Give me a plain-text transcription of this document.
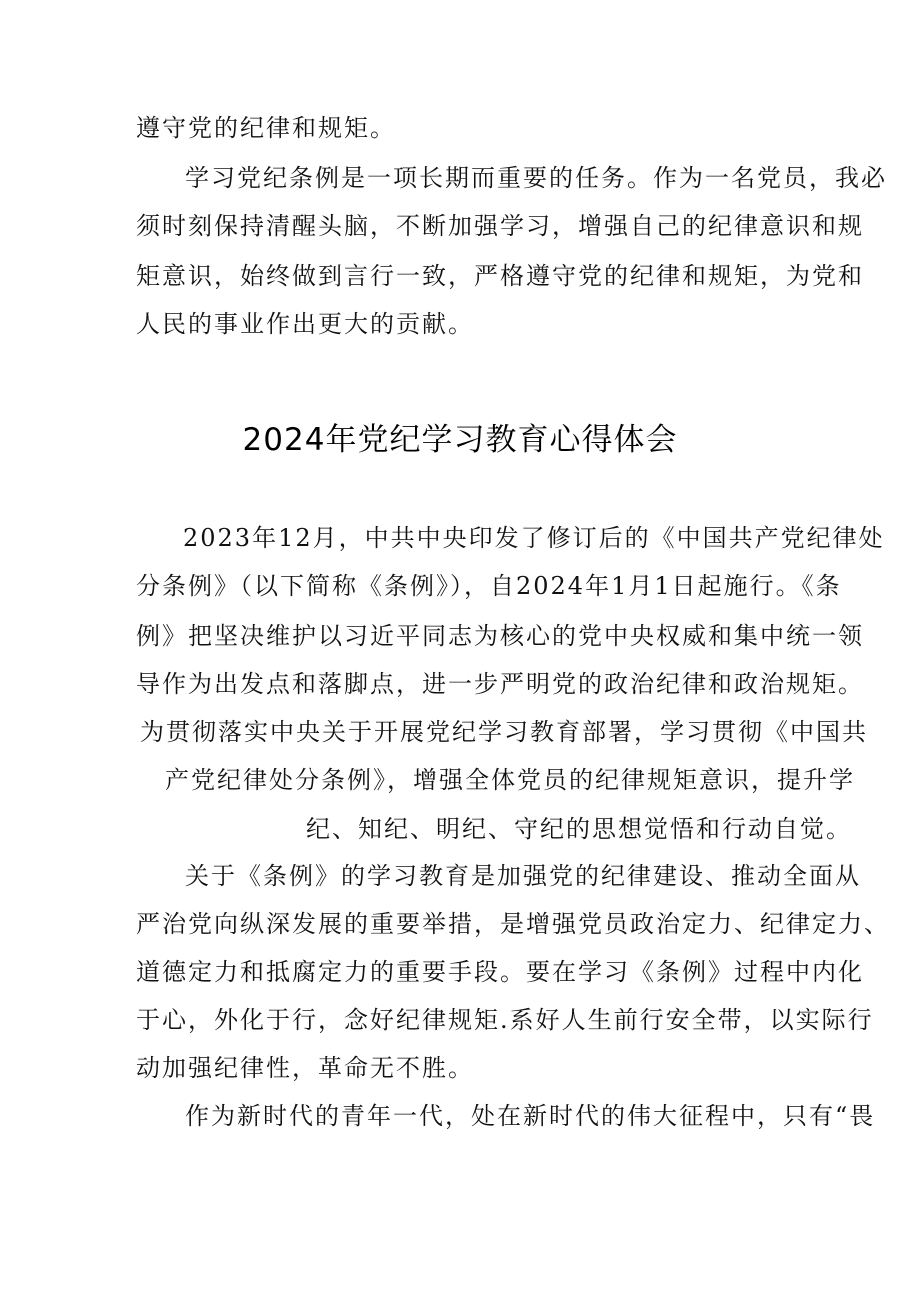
遵守党的纪律和规矩。
学习党纪条例是一项长期而重要的任务。作为一名党员，我必
须时刻保持清醒头脑，不断加强学习，增强自己的纪律意识和规
矩意识，始终做到言行一致，严格遵守党的纪律和规矩，为党和
人民的事业作出更大的贡献。
2024年党纪学习教育心得体会
2023年12月，中共中央印发了修订后的《中国共产党纪律处
分条例》（以下简称《条例》），自2024年1月1日起施行。《条
例》把坚决维护以习近平同志为核心的党中央权威和集中统一领
导作为出发点和落脚点，进一步严明党的政治纪律和政治规矩。
为贯彻落实中央关于开展党纪学习教育部署，学习贯彻《中国共
产党纪律处分条例》，增强全体党员的纪律规矩意识，提升学
纪、知纪、明纪、守纪的思想觉悟和行动自觉。
关于《条例》的学习教育是加强党的纪律建设、推动全面从
严治党向纵深发展的重要举措，是增强党员政治定力、纪律定力、
道德定力和抵腐定力的重要手段。要在学习《条例》过程中内化
于心，外化于行，念好纪律规矩.系好人生前行安全带，以实际行
动加强纪律性，革命无不胜。
作为新时代的青年一代，处在新时代的伟大征程中，只有“畏
